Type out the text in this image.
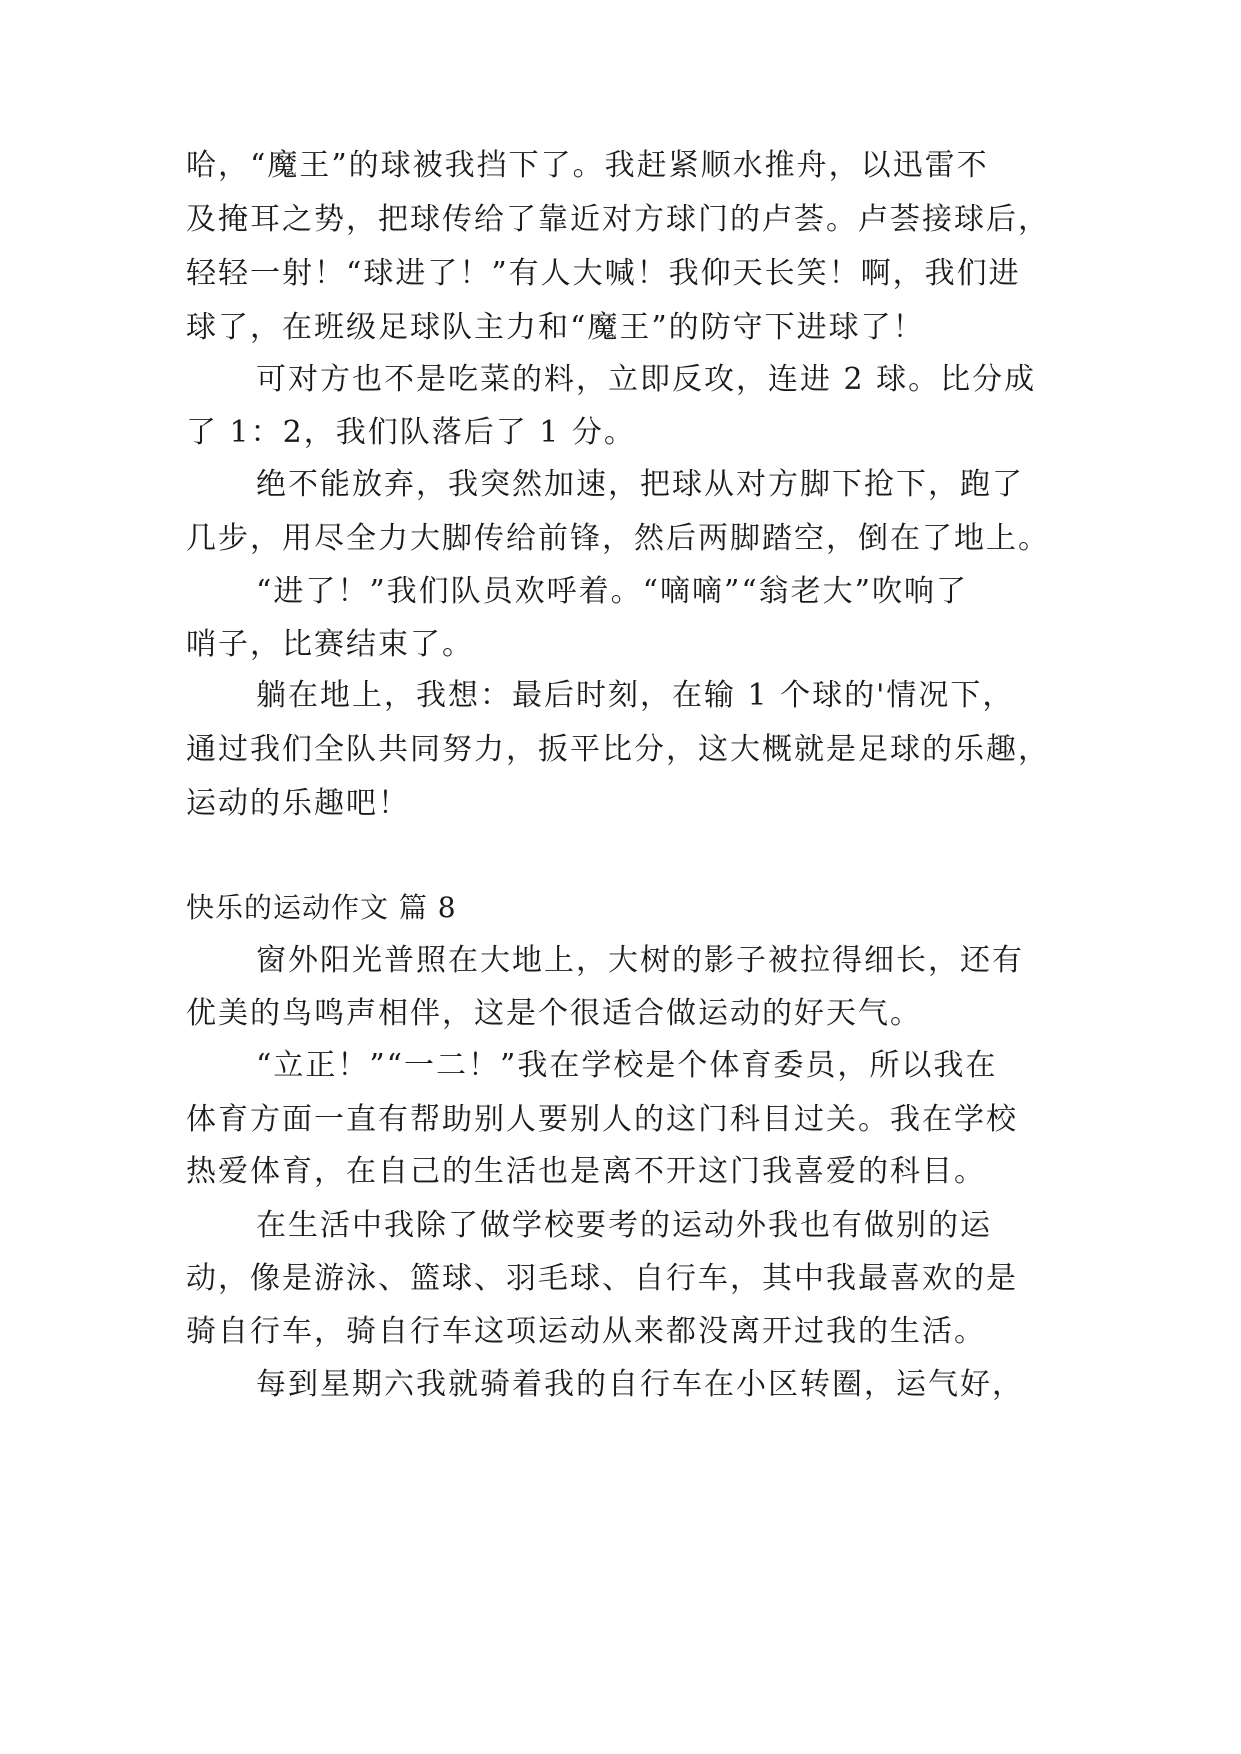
哈，“魔王”的球被我挡下了。我赶紧顺水推舟，以迅雷不
及掩耳之势，把球传给了靠近对方球门的卢荟。卢荟接球后，
轻轻一射！“球进了！”有人大喊！我仰天长笑！啊，我们进
球了，在班级足球队主力和“魔王”的防守下进球了！
可对方也不是吃菜的料，立即反攻，连进 2 球。比分成
了 1：2，我们队落后了 1 分。
绝不能放弃，我突然加速，把球从对方脚下抢下，跑了
几步，用尽全力大脚传给前锋，然后两脚踏空，倒在了地上。
“进了！”我们队员欢呼着。“嘀嘀”“翁老大”吹响了
哨子，比赛结束了。
躺在地上，我想：最后时刻，在输 1 个球的'情况下，
通过我们全队共同努力，扳平比分，这大概就是足球的乐趣，
运动的乐趣吧！
快乐的运动作文 篇 8
窗外阳光普照在大地上，大树的影子被拉得细长，还有
优美的鸟鸣声相伴，这是个很适合做运动的好天气。
“立正！”“一二！”我在学校是个体育委员，所以我在
体育方面一直有帮助别人要别人的这门科目过关。我在学校
热爱体育，在自己的生活也是离不开这门我喜爱的科目。
在生活中我除了做学校要考的运动外我也有做别的运
动，像是游泳、篮球、羽毛球、自行车，其中我最喜欢的是
骑自行车，骑自行车这项运动从来都没离开过我的生活。
每到星期六我就骑着我的自行车在小区转圈，运气好，
